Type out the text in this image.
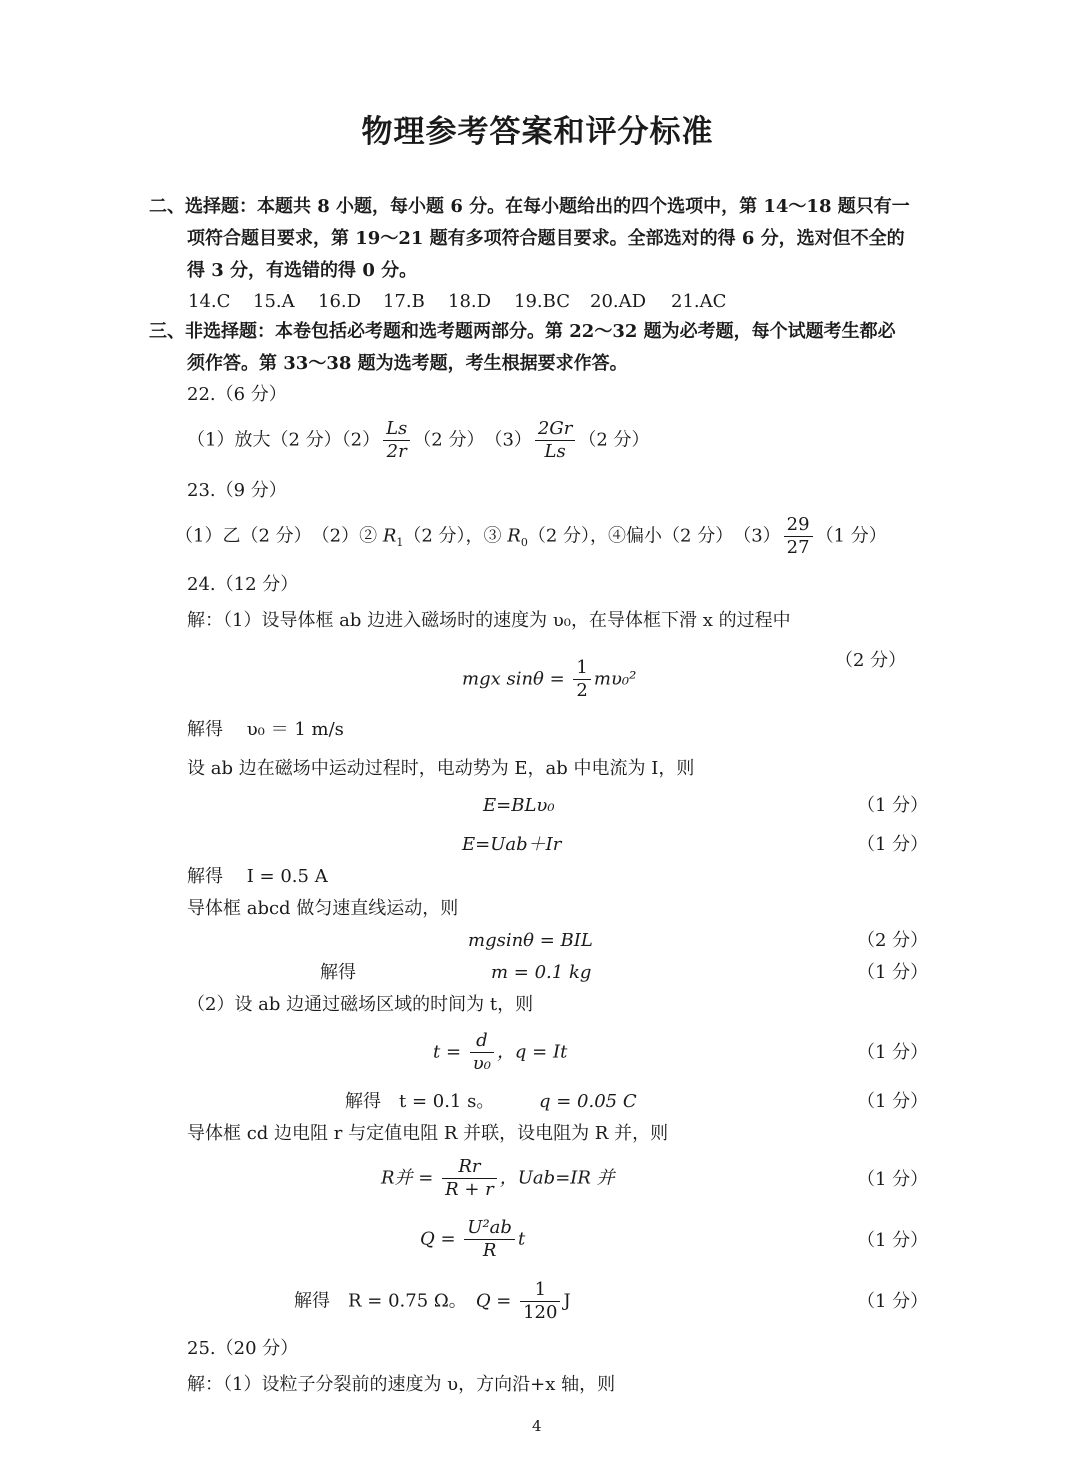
物理参考答案和评分标准
二、选择题：本题共 8 小题，每小题 6 分。在每小题给出的四个选项中，第 14～18 题只有一
项符合题目要求，第 19～21 题有多项符合题目要求。全部选对的得 6 分，选对但不全的
得 3 分，有选错的得 0 分。
14.C 15.A 16.D 17.B 18.D 19.BC 20.AD 21.AC
三、非选择题：本卷包括必考题和选考题两部分。第 22～32 题为必考题，每个试题考生都必
须作答。第 33～38 题为选考题，考生根据要求作答。
22.（6 分）
（1）放大（2 分）$(2) \frac{Ls}{2r} (2$ 分）　$(3) \frac{2Gr}{Ls} (2$ 分）
23.（9 分）
（1）乙（2 分）　（2）② $R_1(2$ 分），③ $R_0(2$ 分），④偏小（2 分）　$(3) \frac{29}{27} (1$ 分）
24.（12 分）
解：（1）设导体框 ab 边进入磁场时的速度为 υ₀，在导体框下滑 x 的过程中
mgx $\sin\theta = \frac{1}{2} m\upsilon_0^2$
（2 分）
解得　 υ₀ ＝ 1 m/s
设 ab 边在磁场中运动过程时，电动势为 E，ab 中电流为 I，则
E=BLυ₀	（1 分）
E=Uab＋Ir	（1 分）
解得　 I = 0.5 A
导体框 abcd 做匀速直线运动，则
mgsinθ = BIL	（2 分）
解得	m = 0.1 kg	（1 分）
（2）设 ab 边通过磁场区域的时间为 t，则
$t = \frac{d}{\text{υ₀}}$ ，q = It	（1 分）
解得　t = 0.1 s。 q = 0.05 C	（1 分）
导体框 cd 边电阻 r 与定值电阻 R 并联，设电阻为 R 并，则
R并 = $\frac{Rr}{R + r}$ ，Uab=IR 并	（1 分）
$Q = \frac{\text{U²ab}}{R}$ t	（1 分）
解得　R = 0.75 Ω。　 $Q = \frac{1}{120}$ J	（1 分）
25.（20 分）
解：（1）设粒子分裂前的速度为 υ，方向沿+x 轴，则
4
